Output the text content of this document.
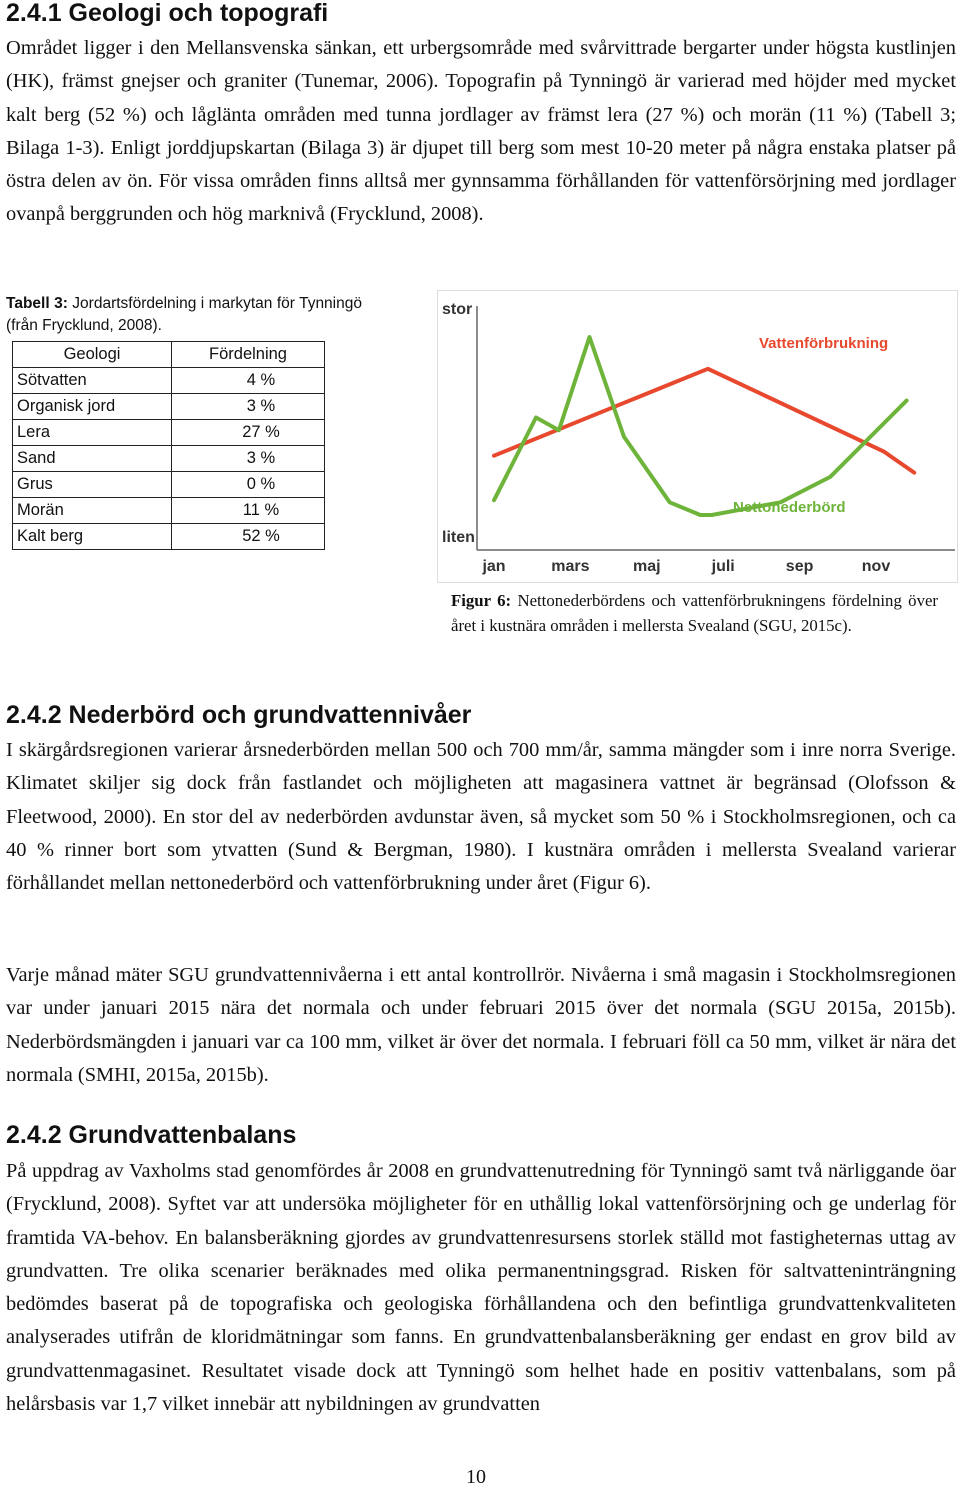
2.4.1 Geologi och topografi

Området ligger i den Mellansvenska sänkan, ett urbergsområde med svårvittrade bergarter under högsta kustlinjen (HK), främst gnejser och graniter (Tunemar, 2006). Topografin på Tynningö är varierad med höjder med mycket kalt berg (52 %) och låglänta områden med tunna jordlager av främst lera (27 %) och morän (11 %) (Tabell 3; Bilaga 1-3). Enligt jorddjupskartan (Bilaga 3) är djupet till berg som mest 10-20 meter på några enstaka platser på östra delen av ön. För vissa områden finns alltså mer gynnsamma förhållanden för vattenförsörjning med jordlager ovanpå berggrunden och hög marknivå (Frycklund, 2008).

Tabell 3: Jordartsfördelning i markytan för Tynningö (från Frycklund, 2008).
Geologi	Fördelning
Sötvatten	4 %
Organisk jord	3 %
Lera	27 %
Sand	3 %
Grus	0 %
Morän	11 %
Kalt berg	52 %
stor
liten
jan	mars	maj	juli	sep	nov
Vattenförbrukning
Nettonederbörd
Figur 6: Nettonederbördens och vattenförbrukningens fördelning över året i kustnära områden i mellersta Svealand (SGU, 2015c).
2.4.2 Nederbörd och grundvattennivåer

I skärgårdsregionen varierar årsnederbörden mellan 500 och 700 mm/år, samma mängder som i inre norra Sverige. Klimatet skiljer sig dock från fastlandet och möjligheten att magasinera vattnet är begränsad (Olofsson & Fleetwood, 2000). En stor del av nederbörden avdunstar även, så mycket som 50 % i Stockholmsregionen, och ca 40 % rinner bort som ytvatten (Sund & Bergman, 1980). I kustnära områden i mellersta Svealand varierar förhållandet mellan nettonederbörd och vattenförbrukning under året (Figur 6).

Varje månad mäter SGU grundvattennivåerna i ett antal kontrollrör. Nivåerna i små magasin i Stockholmsregionen var under januari 2015 nära det normala och under februari 2015 över det normala (SGU 2015a, 2015b). Nederbördsmängden i januari var ca 100 mm, vilket är över det normala. I februari föll ca 50 mm, vilket är nära det normala (SMHI, 2015a, 2015b).

2.4.2 Grundvattenbalans

På uppdrag av Vaxholms stad genomfördes år 2008 en grundvattenutredning för Tynningö samt två närliggande öar (Frycklund, 2008). Syftet var att undersöka möjligheter för en uthållig lokal vattenförsörjning och ge underlag för framtida VA-behov. En balansberäkning gjordes av grundvattenresursens storlek ställd mot fastigheternas uttag av grundvatten. Tre olika scenarier beräknades med olika permanentningsgrad. Risken för saltvatteninträngning bedömdes baserat på de topografiska och geologiska förhållandena och den befintliga grundvattenkvaliteten analyserades utifrån de kloridmätningar som fanns. En grundvattenbalansberäkning ger endast en grov bild av grundvattenmagasinet. Resultatet visade dock att Tynningö som helhet hade en positiv vattenbalans, som på helårsbasis var 1,7 vilket innebär att nybildningen av grundvatten

10
